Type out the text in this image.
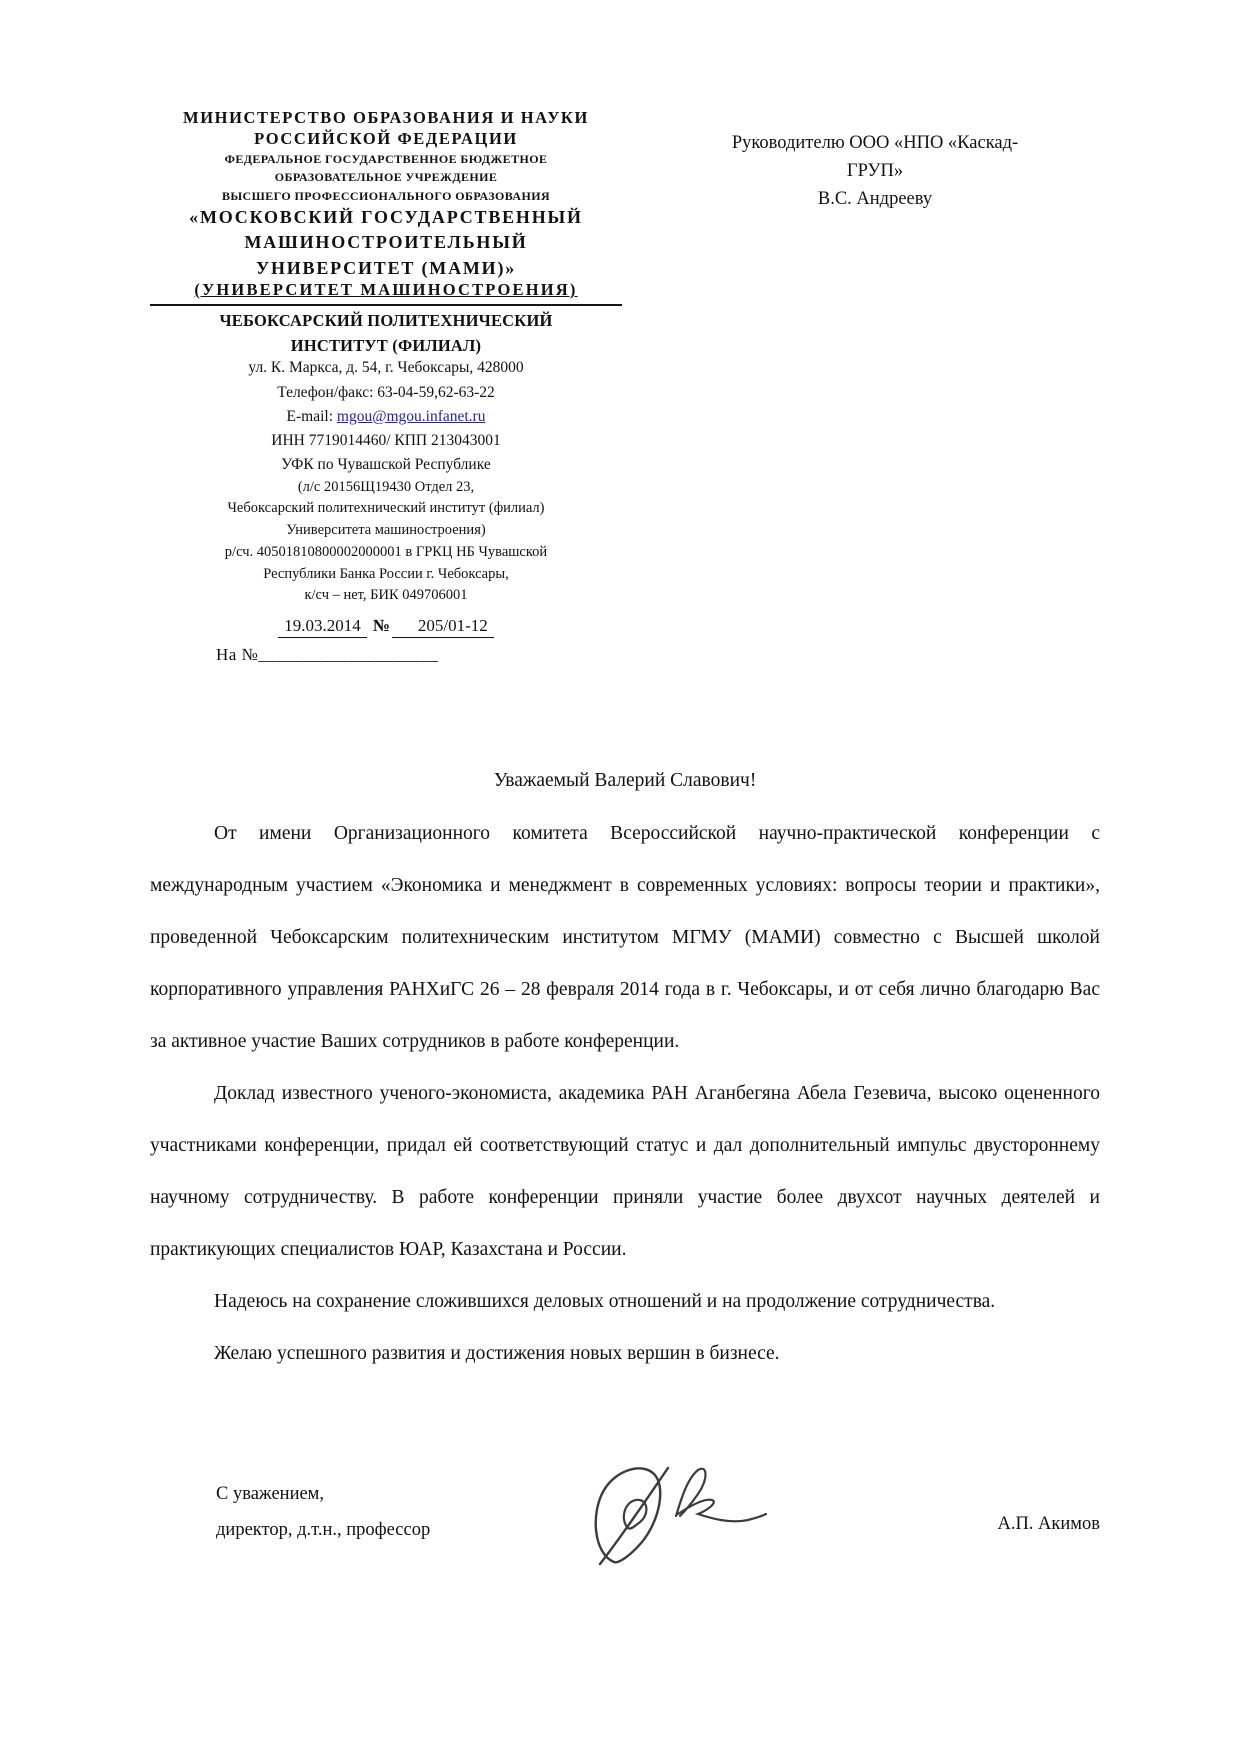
МИНИСТЕРСТВО ОБРАЗОВАНИЯ И НАУКИ
РОССИЙСКОЙ ФЕДЕРАЦИИ
ФЕДЕРАЛЬНОЕ ГОСУДАРСТВЕННОЕ БЮДЖЕТНОЕ
ОБРАЗОВАТЕЛЬНОЕ УЧРЕЖДЕНИЕ
ВЫСШЕГО ПРОФЕССИОНАЛЬНОГО ОБРАЗОВАНИЯ
«МОСКОВСКИЙ ГОСУДАРСТВЕННЫЙ
МАШИНОСТРОИТЕЛЬНЫЙ
УНИВЕРСИТЕТ (МАМИ)»
(УНИВЕРСИТЕТ МАШИНОСТРОЕНИЯ)
ЧЕБОКСАРСКИЙ ПОЛИТЕХНИЧЕСКИЙ
ИНСТИТУТ (ФИЛИАЛ)
ул. К. Маркса, д. 54, г. Чебоксары, 428000
Телефон/факс: 63-04-59,62-63-22
E-mail: mgou@mgou.infanet.ru
ИНН 7719014460/ КПП 213043001
УФК по Чувашской Республике
(л/с 20156Щ19430 Отдел 23,
Чебоксарский политехнический институт (филиал)
Университета машиностроения)
р/сч. 40501810800002000001 в ГРКЦ НБ Чувашской
Республики Банка России г. Чебоксары,
к/сч – нет, БИК 049706001
19.03.2014 № 205/01-12
На №____________________
Руководителю ООО «НПО «Каскад-
ГРУП»
В.С. Андрееву
Уважаемый Валерий Славович!

От имени Организационного комитета Всероссийской научно-практической конференции с международным участием «Экономика и менеджмент в современных условиях: вопросы теории и практики», проведенной Чебоксарским политехническим институтом МГМУ (МАМИ) совместно с Высшей школой корпоративного управления РАНХиГС 26 – 28 февраля 2014 года в г. Чебоксары, и от себя лично благодарю Вас за активное участие Ваших сотрудников в работе конференции.

Доклад известного ученого-экономиста, академика РАН Аганбегяна Абела Гезевича, высоко оцененного участниками конференции, придал ей соответствующий статус и дал дополнительный импульс двустороннему научному сотрудничеству. В работе конференции приняли участие более двухсот научных деятелей и практикующих специалистов ЮАР, Казахстана и России.

Надеюсь на сохранение сложившихся деловых отношений и на продолжение сотрудничества.

Желаю успешного развития и достижения новых вершин в бизнесе.

С уважением,
директор, д.т.н., профессор	А.П. Акимов
